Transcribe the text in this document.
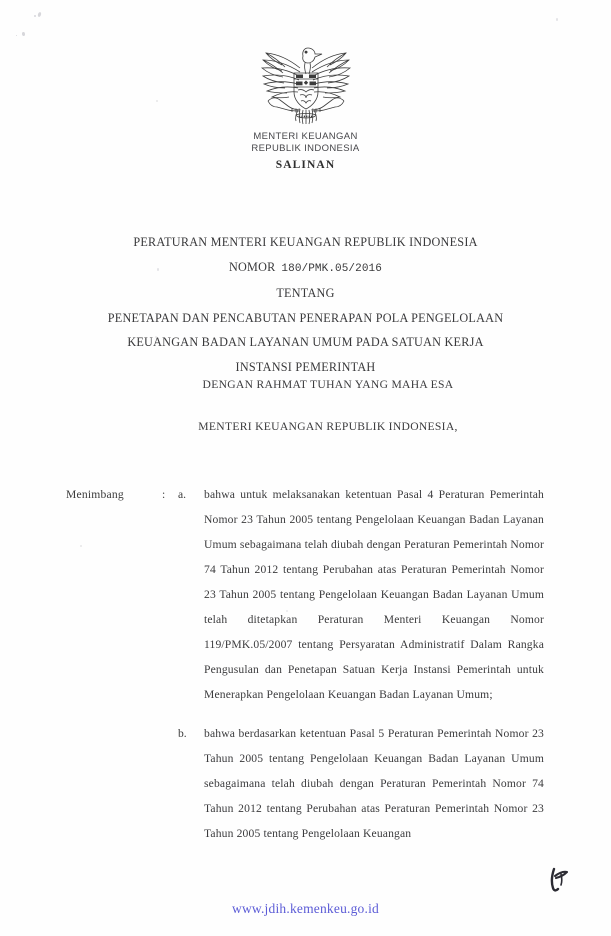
MENTERI KEUANGAN
REPUBLIK INDONESIA
SALINAN
PERATURAN MENTERI KEUANGAN REPUBLIK INDONESIA
NOMOR 180/PMK.05/2016
TENTANG
PENETAPAN DAN PENCABUTAN PENERAPAN POLA PENGELOLAAN
KEUANGAN BADAN LAYANAN UMUM PADA SATUAN KERJA
INSTANSI PEMERINTAH
DENGAN RAHMAT TUHAN YANG MAHA ESA
MENTERI KEUANGAN REPUBLIK INDONESIA,
Menimbang	:	a.	bahwa untuk melaksanakan ketentuan Pasal 4 Peraturan Pemerintah Nomor 23 Tahun 2005 tentang Pengelolaan Keuangan Badan Layanan Umum sebagaimana telah diubah dengan Peraturan Pemerintah Nomor 74 Tahun 2012 tentang Perubahan atas Peraturan Pemerintah Nomor 23 Tahun 2005 tentang Pengelolaan Keuangan Badan Layanan Umum telah ditetapkan Peraturan Menteri Keuangan Nomor 119/PMK.05/2007 tentang Persyaratan Administratif Dalam Rangka Pengusulan dan Penetapan Satuan Kerja Instansi Pemerintah untuk Menerapkan Pengelolaan Keuangan Badan Layanan Umum;

b.	bahwa berdasarkan ketentuan Pasal 5 Peraturan Pemerintah Nomor 23 Tahun 2005 tentang Pengelolaan Keuangan Badan Layanan Umum sebagaimana telah diubah dengan Peraturan Pemerintah Nomor 74 Tahun 2012 tentang Perubahan atas Peraturan Pemerintah Nomor 23 Tahun 2005 tentang Pengelolaan Keuangan

www.jdih.kemenkeu.go.id
